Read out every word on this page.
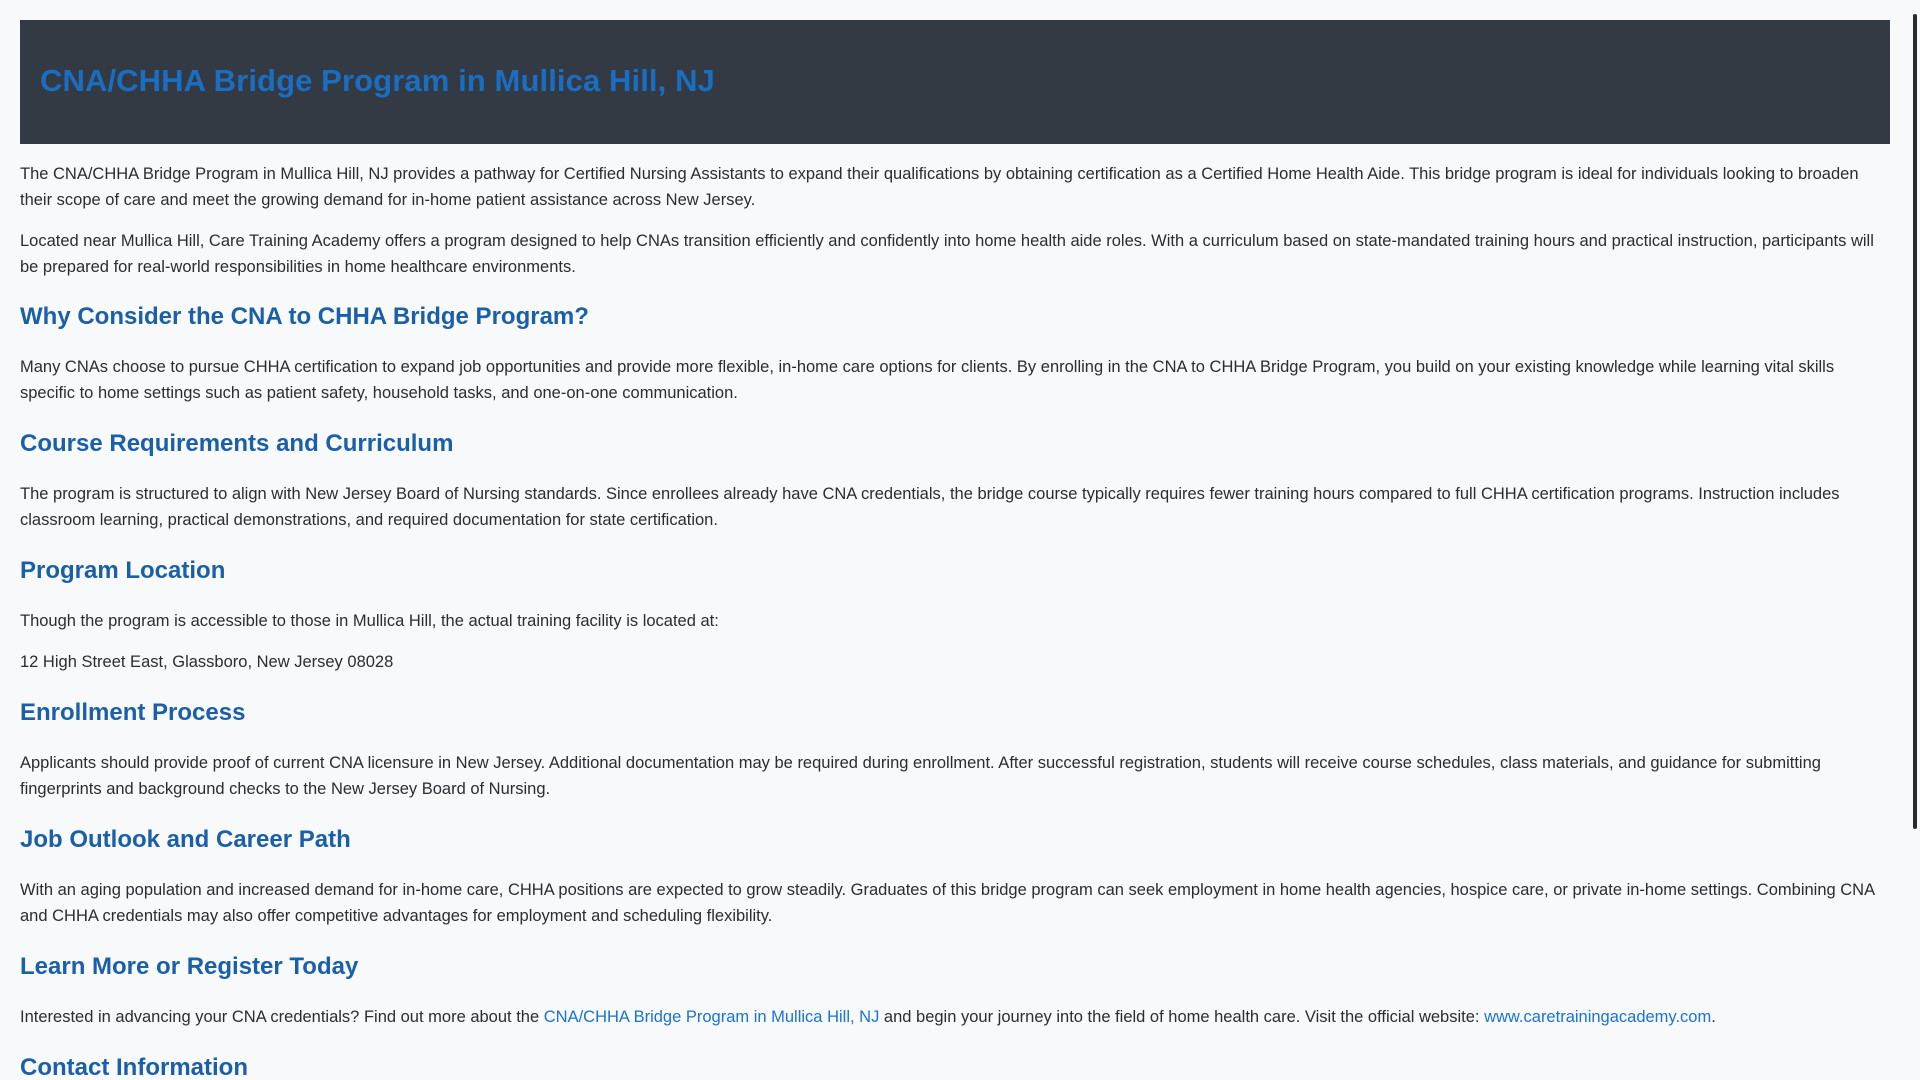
CNA/CHHA Bridge Program in Mullica Hill, NJ

The CNA/CHHA Bridge Program in Mullica Hill, NJ provides a pathway for Certified Nursing Assistants to expand their qualifications by obtaining certification as a Certified Home Health Aide. This bridge program is ideal for individuals looking to broaden their scope of care and meet the growing demand for in-home patient assistance across New Jersey.

Located near Mullica Hill, Care Training Academy offers a program designed to help CNAs transition efficiently and confidently into home health aide roles. With a curriculum based on state-mandated training hours and practical instruction, participants will be prepared for real-world responsibilities in home healthcare environments.

Why Consider the CNA to CHHA Bridge Program?

Many CNAs choose to pursue CHHA certification to expand job opportunities and provide more flexible, in-home care options for clients. By enrolling in the CNA to CHHA Bridge Program, you build on your existing knowledge while learning vital skills specific to home settings such as patient safety, household tasks, and one-on-one communication.

Course Requirements and Curriculum

The program is structured to align with New Jersey Board of Nursing standards. Since enrollees already have CNA credentials, the bridge course typically requires fewer training hours compared to full CHHA certification programs. Instruction includes classroom learning, practical demonstrations, and required documentation for state certification.

Program Location

Though the program is accessible to those in Mullica Hill, the actual training facility is located at:

12 High Street East, Glassboro, New Jersey 08028

Enrollment Process

Applicants should provide proof of current CNA licensure in New Jersey. Additional documentation may be required during enrollment. After successful registration, students will receive course schedules, class materials, and guidance for submitting fingerprints and background checks to the New Jersey Board of Nursing.

Job Outlook and Career Path

With an aging population and increased demand for in-home care, CHHA positions are expected to grow steadily. Graduates of this bridge program can seek employment in home health agencies, hospice care, or private in-home settings. Combining CNA and CHHA credentials may also offer competitive advantages for employment and scheduling flexibility.

Learn More or Register Today

Interested in advancing your CNA credentials? Find out more about the CNA/CHHA Bridge Program in Mullica Hill, NJ and begin your journey into the field of home health care. Visit the official website: www.caretrainingacademy.com.

Contact Information
